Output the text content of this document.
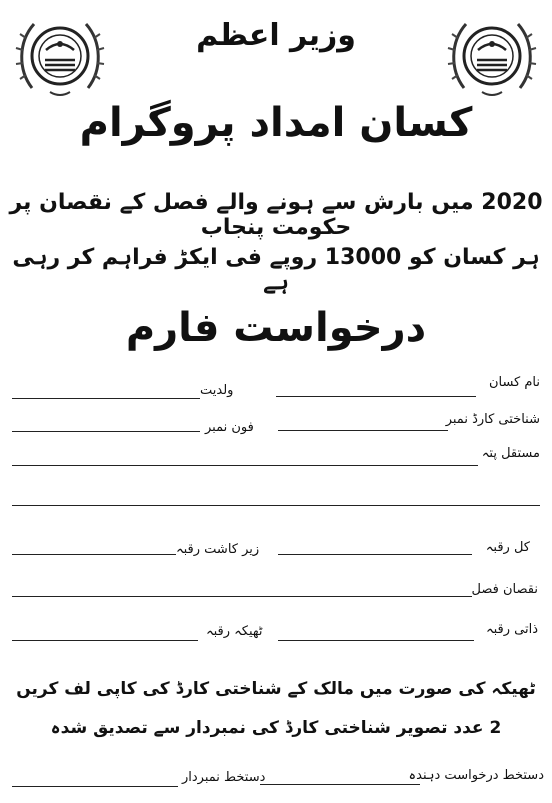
وزیر اعظم
کسان امداد پروگرام
2020 میں بارش سے ہونے والے فصل کے نقصان پر حکومت پنجاب
ہر کسان کو 13000 روپے فی ایکڑ فراہم کر رہی ہے
درخواست فارم
نام کسان
ولدیت
شناختی کارڈ نمبر
فون نمبر
مستقل پتہ
کل رقبہ
زیر کاشت رقبہ
نقصان فصل
ذاتی رقبہ
ٹھیکہ رقبہ
ٹھیکہ کی صورت میں مالک کے شناختی کارڈ کی کاپی لف کریں
2 عدد تصویر شناختی کارڈ کی نمبردار سے تصدیق شدہ
دستخط درخواست دہندہ
دستخط نمبردار
